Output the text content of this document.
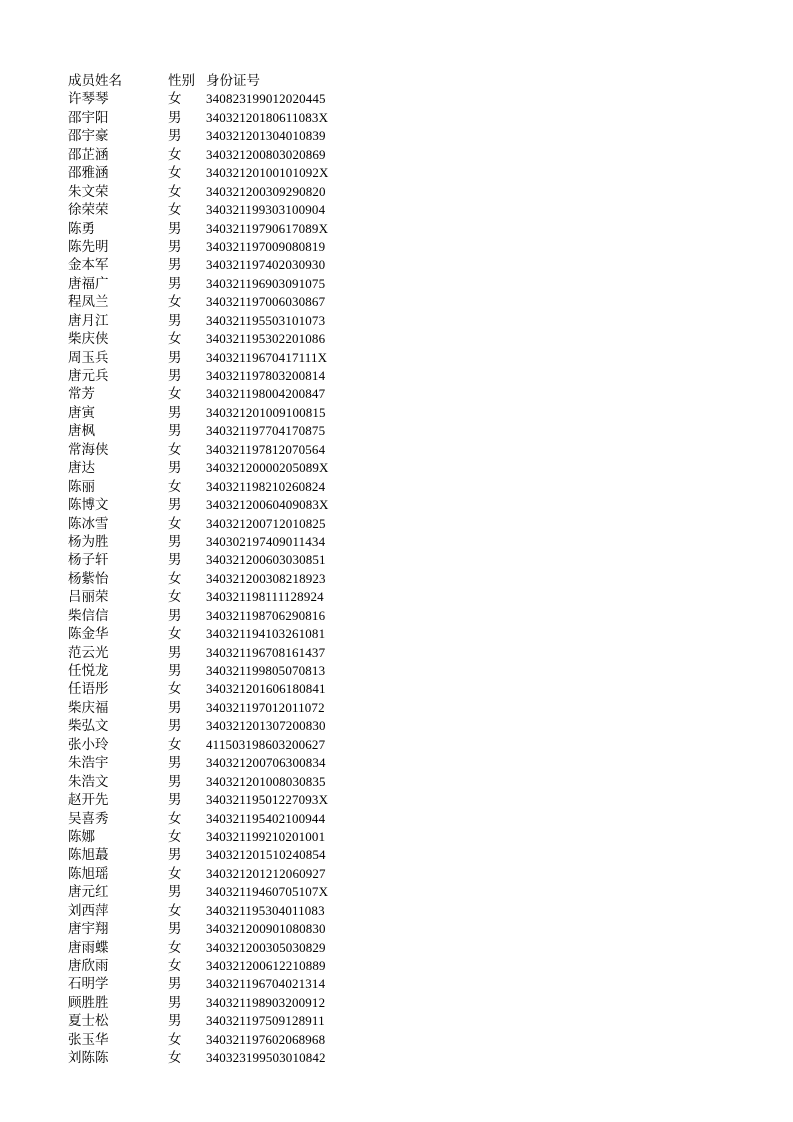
成员姓名	性别 身份证号
许琴琴	女 340823199012020445
邵宇阳	男 34032120180611083X
邵宇豪	男 340321201304010839
邵芷涵	女 340321200803020869
邵雅涵	女 34032120100101092X
朱文荣	女 340321200309290820
徐荣荣	女 340321199303100904
陈勇	男 34032119790617089X
陈先明	男 340321197009080819
金本军	男 340321197402030930
唐福广	男 340321196903091075
程凤兰	女 340321197006030867
唐月江	男 340321195503101073
柴庆侠	女 340321195302201086
周玉兵	男 34032119670417111X
唐元兵	男 340321197803200814
常芳	女 340321198004200847
唐寅	男 340321201009100815
唐枫	男 340321197704170875
常海侠	女 340321197812070564
唐达	男 34032120000205089X
陈丽	女 340321198210260824
陈博文	男 34032120060409083X
陈冰雪	女 340321200712010825
杨为胜	男 340302197409011434
杨子轩	男 340321200603030851
杨紫怡	女 340321200308218923
吕丽荣	女 340321198111128924
柴信信	男 340321198706290816
陈金华	女 340321194103261081
范云光	男 340321196708161437
任悦龙	男 340321199805070813
任语彤	女 340321201606180841
柴庆福	男 340321197012011072
柴弘文	男 340321201307200830
张小玲	女 411503198603200627
朱浩宇	男 340321200706300834
朱浩文	男 340321201008030835
赵开先	男 34032119501227093X
吴喜秀	女 340321195402100944
陈娜	女 340321199210201001
陈旭蕞	男 340321201510240854
陈旭瑶	女 340321201212060927
唐元红	男 34032119460705107X
刘西萍	女 340321195304011083
唐宇翔	男 340321200901080830
唐雨蝶	女 340321200305030829
唐欣雨	女 340321200612210889
石明学	男 340321196704021314
顾胜胜	男 340321198903200912
夏士松	男 340321197509128911
张玉华	女 340321197602068968
刘陈陈	女 340323199503010842
